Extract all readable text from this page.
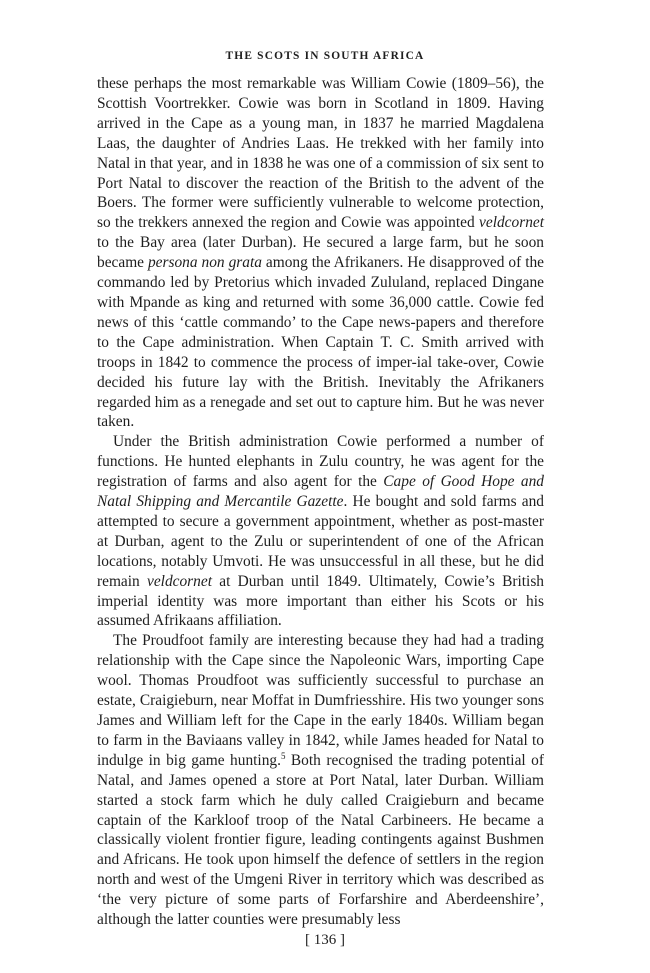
THE SCOTS IN SOUTH AFRICA

these perhaps the most remarkable was William Cowie (1809–56), the Scottish Voortrekker. Cowie was born in Scotland in 1809. Having arrived in the Cape as a young man, in 1837 he married Magdalena Laas, the daughter of Andries Laas. He trekked with her family into Natal in that year, and in 1838 he was one of a commission of six sent to Port Natal to discover the reaction of the British to the advent of the Boers. The former were sufficiently vulnerable to welcome protection, so the trekkers annexed the region and Cowie was appointed veldcornet to the Bay area (later Durban). He secured a large farm, but he soon became persona non grata among the Afrikaners. He disapproved of the commando led by Pretorius which invaded Zululand, replaced Dingane with Mpande as king and returned with some 36,000 cattle. Cowie fed news of this ‘cattle commando’ to the Cape news-papers and therefore to the Cape administration. When Captain T. C. Smith arrived with troops in 1842 to commence the process of imper-ial take-over, Cowie decided his future lay with the British. Inevitably the Afrikaners regarded him as a renegade and set out to capture him. But he was never taken.

Under the British administration Cowie performed a number of functions. He hunted elephants in Zulu country, he was agent for the registration of farms and also agent for the Cape of Good Hope and Natal Shipping and Mercantile Gazette. He bought and sold farms and attempted to secure a government appointment, whether as post-master at Durban, agent to the Zulu or superintendent of one of the African locations, notably Umvoti. He was unsuccessful in all these, but he did remain veldcornet at Durban until 1849. Ultimately, Cowie’s British imperial identity was more important than either his Scots or his assumed Afrikaans affiliation.

The Proudfoot family are interesting because they had had a trading relationship with the Cape since the Napoleonic Wars, importing Cape wool. Thomas Proudfoot was sufficiently successful to purchase an estate, Craigieburn, near Moffat in Dumfriesshire. His two younger sons James and William left for the Cape in the early 1840s. William began to farm in the Baviaans valley in 1842, while James headed for Natal to indulge in big game hunting.$^5$ Both recognised the trading potential of Natal, and James opened a store at Port Natal, later Durban. William started a stock farm which he duly called Craigieburn and became captain of the Karkloof troop of the Natal Carbineers. He became a classically violent frontier figure, leading contingents against Bushmen and Africans. He took upon himself the defence of settlers in the region north and west of the Umgeni River in territory which was described as ‘the very picture of some parts of Forfarshire and Aberdeenshire’, although the latter counties were presumably less

[ 136 ]
